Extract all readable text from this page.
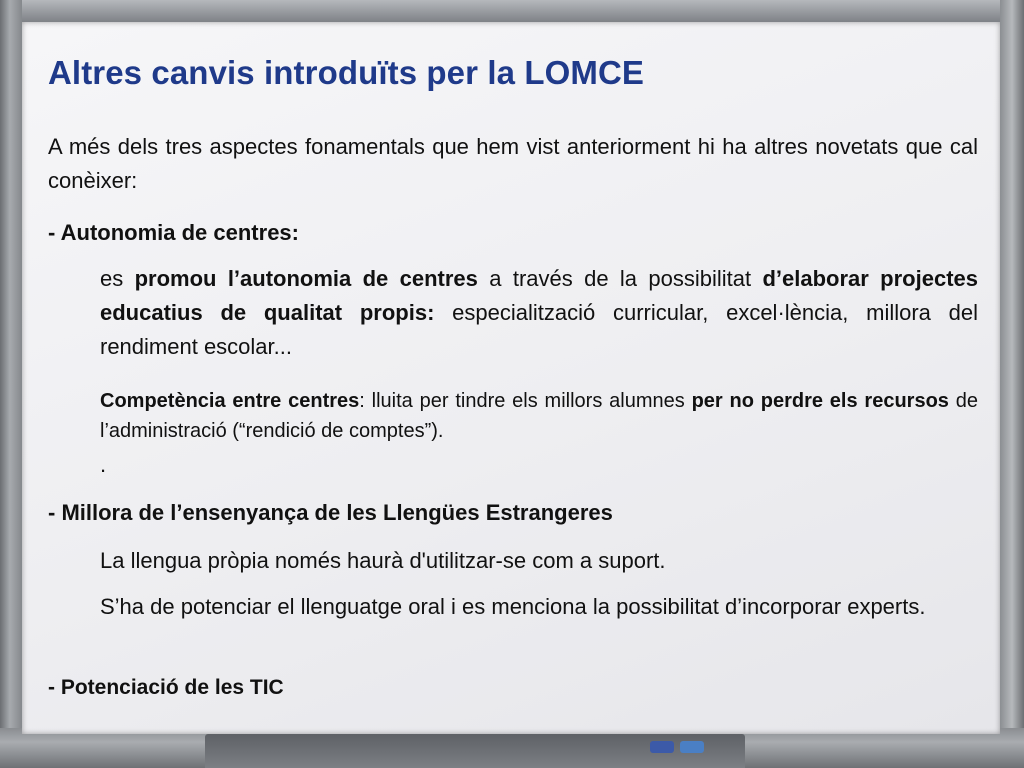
Altres canvis introduïts per la LOMCE

A més dels tres aspectes fonamentals que hem vist anteriorment hi ha altres novetats que cal conèixer:

- Autonomia de centres:

es promou l’autonomia de centres a través de la possibilitat d’elaborar projectes educatius de qualitat propis: especialització curricular, excel·lència, millora del rendiment escolar...

Competència entre centres: lluita per tindre els millors alumnes per no perdre els recursos de l’administració (“rendició de comptes”).

.

- Millora de l’ensenyança de les Llengües Estrangeres

La llengua pròpia només haurà d'utilitzar-se com a suport.

S’ha de potenciar el llenguatge oral i es menciona la possibilitat d’incorporar experts.

- Potenciació de les TIC
